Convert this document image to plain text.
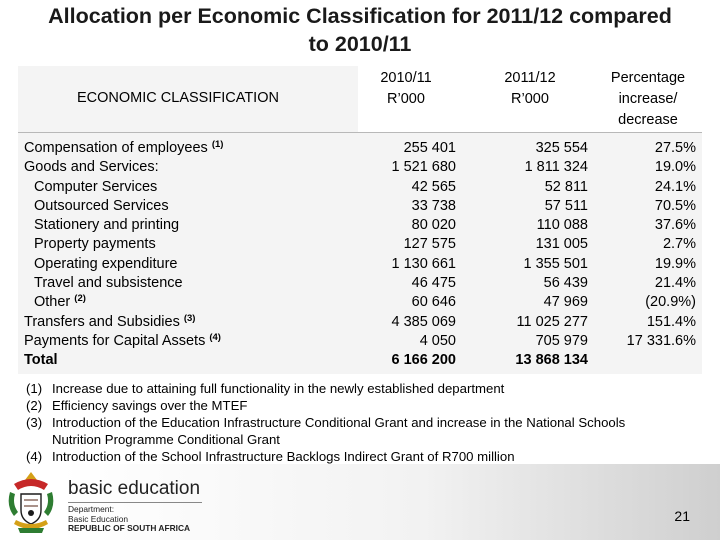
Allocation per Economic Classification for 2011/12 compared
to 2010/11
ECONOMIC CLASSIFICATION
2010/11
R’000
2011/12
R’000
Percentage
increase/
decrease
Compensation of employees $^{(1)}$
Goods and Services:
Computer Services
Outsourced Services
Stationery and printing
Property payments
Operating expenditure
Travel and subsistence
Other $^{(2)}$
Transfers and Subsidies $^{(3)}$
Payments for Capital Assets $^{(4)}$
Total
255 401
1 521 680
42 565
33 738
80 020
127 575
1 130 661
46 475
60 646
4 385 069
4 050
6 166 200
325 554
1 811 324
52 811
57 511
110 088
131 005
1 355 501
56 439
47 969
11 025 277
705 979
13 868 134
27.5%
19.0%
24.1%
70.5%
37.6%
2.7%
19.9%
21.4%
(20.9%)
151.4%
17 331.6%
(1) Increase due to attaining full functionality in the newly established department
(2) Efficiency savings over the MTEF
(3) Introduction of the Education Infrastructure Conditional Grant and increase in the National Schools
Nutrition Programme Conditional Grant
(4) Introduction of the School Infrastructure Backlogs Indirect Grant of R700 million
basic education
Department:
Basic Education
REPUBLIC OF SOUTH AFRICA
21
